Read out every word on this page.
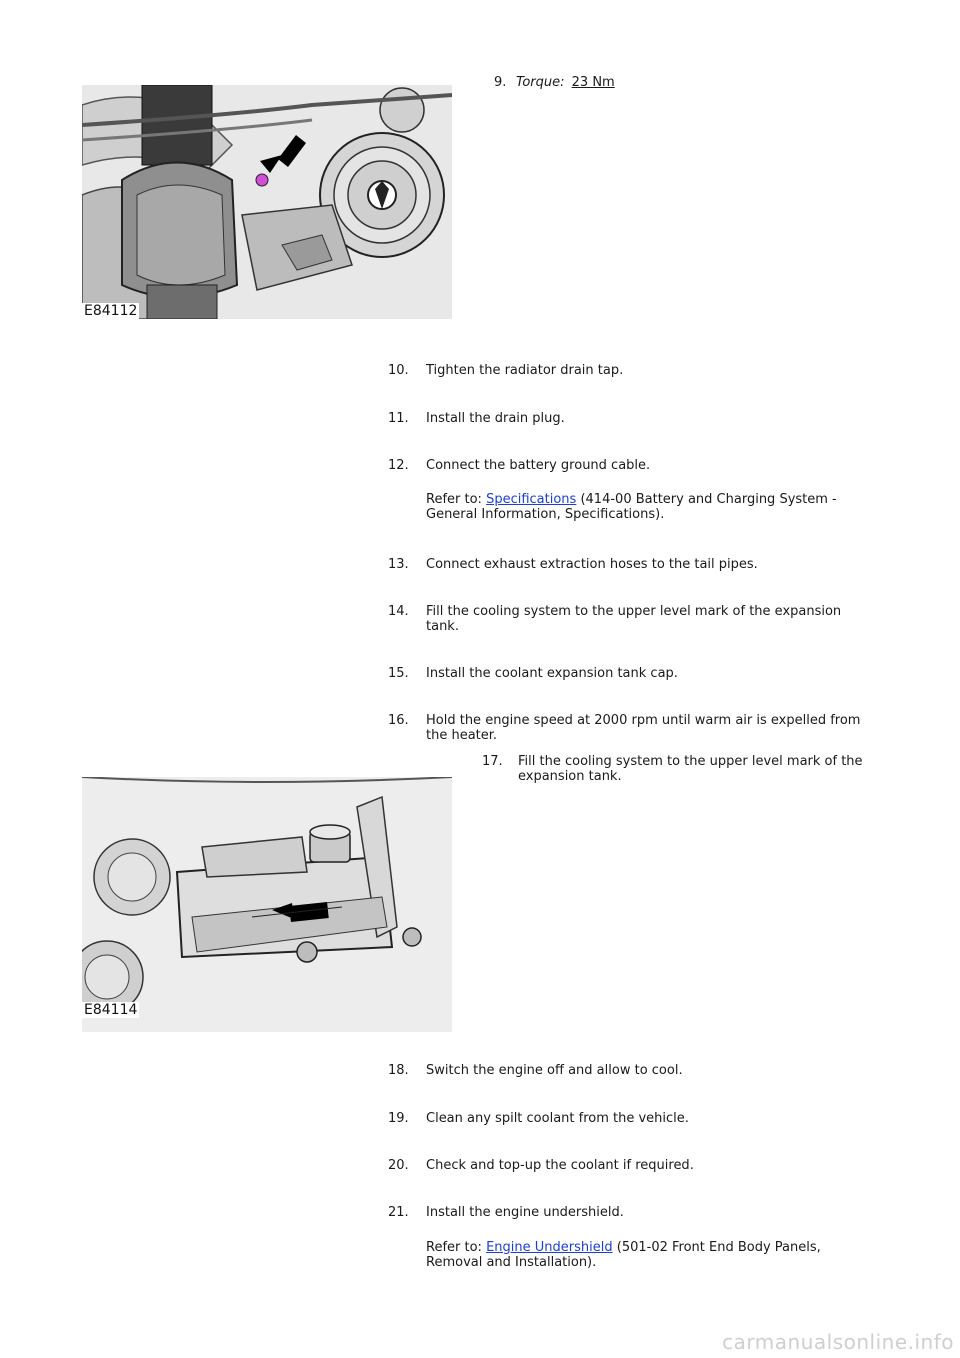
E84112
9. Torque: 23 Nm
10. Tighten the radiator drain tap.
11. Install the drain plug.
12. Connect the battery ground cable.
Refer to: Specifications (414-00 Battery and Charging System - General Information, Specifications).
13. Connect exhaust extraction hoses to the tail pipes.
14. Fill the cooling system to the upper level mark of the expansion tank.
15. Install the coolant expansion tank cap.
16. Hold the engine speed at 2000 rpm until warm air is expelled from the heater.
E84114
17. Fill the cooling system to the upper level mark of the expansion tank.
18. Switch the engine off and allow to cool.
19. Clean any spilt coolant from the vehicle.
20. Check and top-up the coolant if required.
21. Install the engine undershield.
Refer to: Engine Undershield (501-02 Front End Body Panels, Removal and Installation).
carmanualsonline.info
